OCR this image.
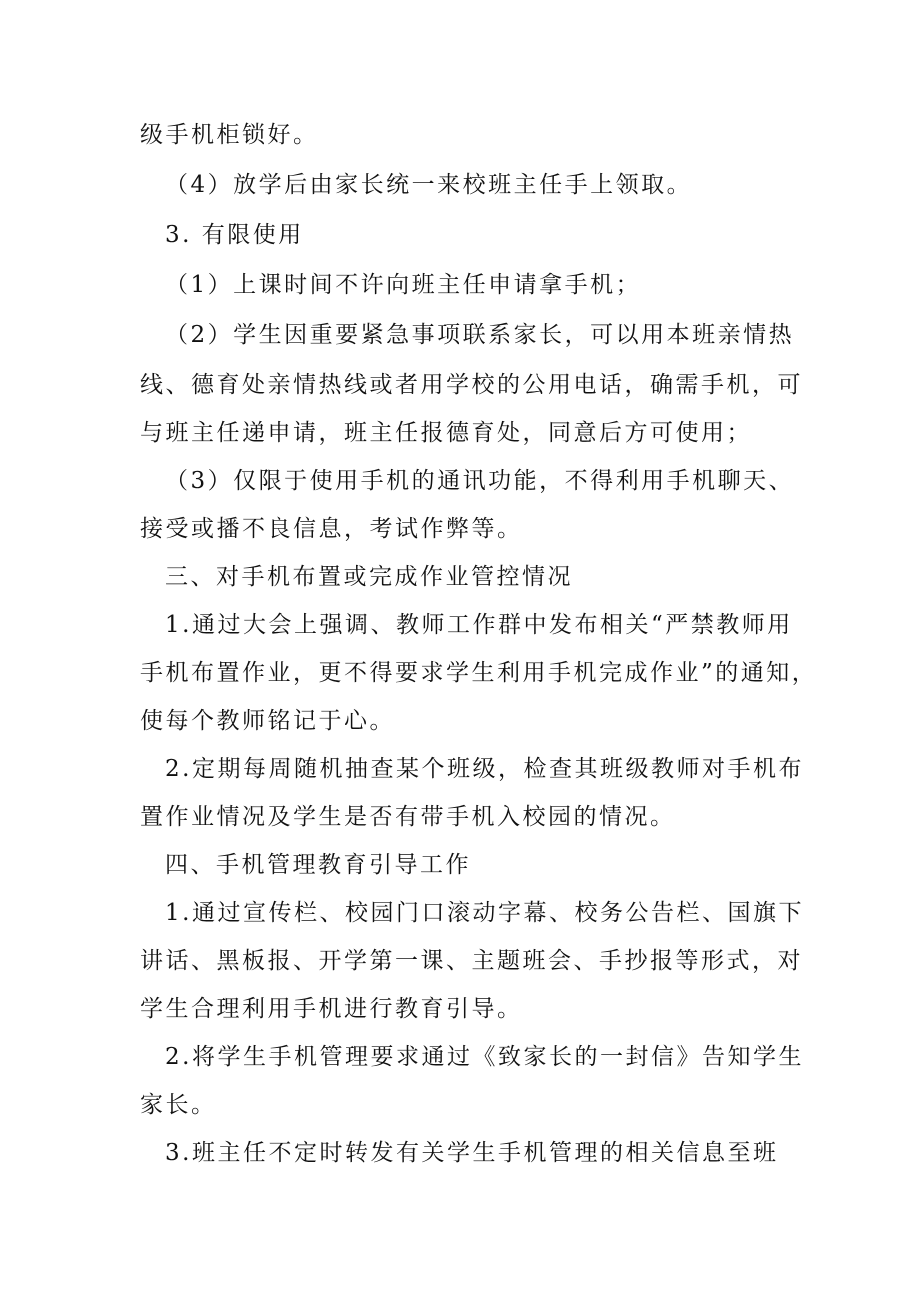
级手机柜锁好。
（4）放学后由家长统一来校班主任手上领取。
3. 有限使用
（1）上课时间不许向班主任申请拿手机；
（2）学生因重要紧急事项联系家长，可以用本班亲情热
线、德育处亲情热线或者用学校的公用电话，确需手机，可
与班主任递申请，班主任报德育处，同意后方可使用；
（3）仅限于使用手机的通讯功能，不得利用手机聊天、
接受或播不良信息，考试作弊等。
三、对手机布置或完成作业管控情况
1.通过大会上强调、教师工作群中发布相关“严禁教师用
手机布置作业，更不得要求学生利用手机完成作业”的通知，
使每个教师铭记于心。
2.定期每周随机抽查某个班级，检查其班级教师对手机布
置作业情况及学生是否有带手机入校园的情况。
四、手机管理教育引导工作
1.通过宣传栏、校园门口滚动字幕、校务公告栏、国旗下
讲话、黑板报、开学第一课、主题班会、手抄报等形式，对
学生合理利用手机进行教育引导。
2.将学生手机管理要求通过《致家长的一封信》告知学生
家长。
3.班主任不定时转发有关学生手机管理的相关信息至班
